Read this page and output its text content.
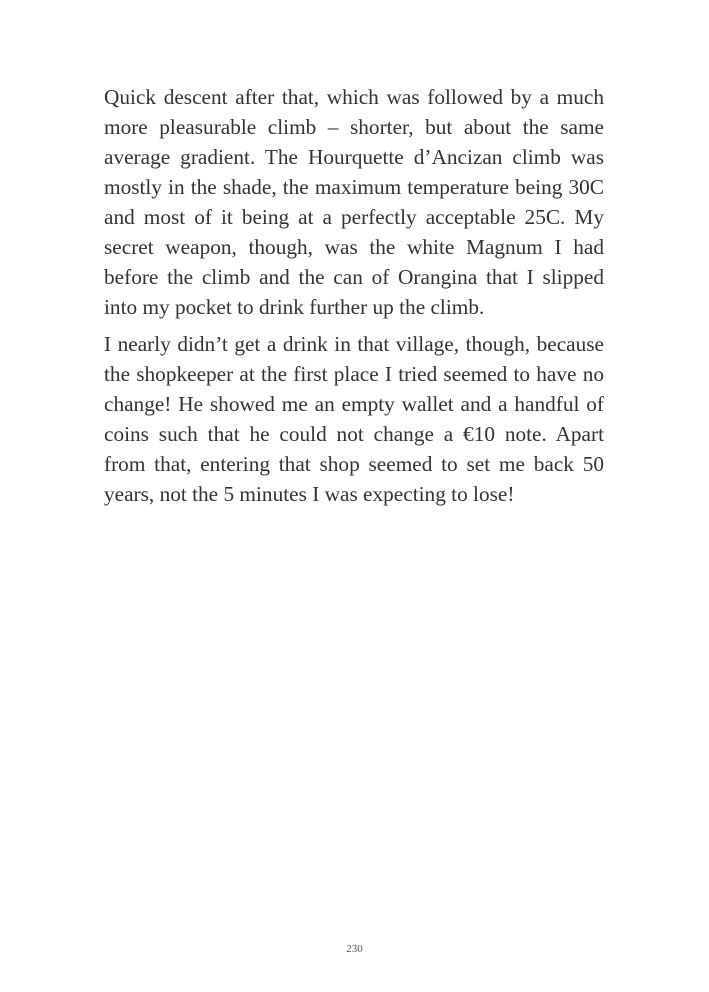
Quick descent after that, which was followed by a much more pleasurable climb – shorter, but about the same average gradient. The Hourquette d’Ancizan climb was mostly in the shade, the maximum temperature being 30C and most of it being at a perfectly acceptable 25C. My secret weapon, though, was the white Magnum I had before the climb and the can of Orangina that I slipped into my pocket to drink further up the climb.

I nearly didn’t get a drink in that village, though, because the shopkeeper at the first place I tried seemed to have no change! He showed me an empty wallet and a handful of coins such that he could not change a €10 note. Apart from that, entering that shop seemed to set me back 50 years, not the 5 minutes I was expecting to lose!

230
